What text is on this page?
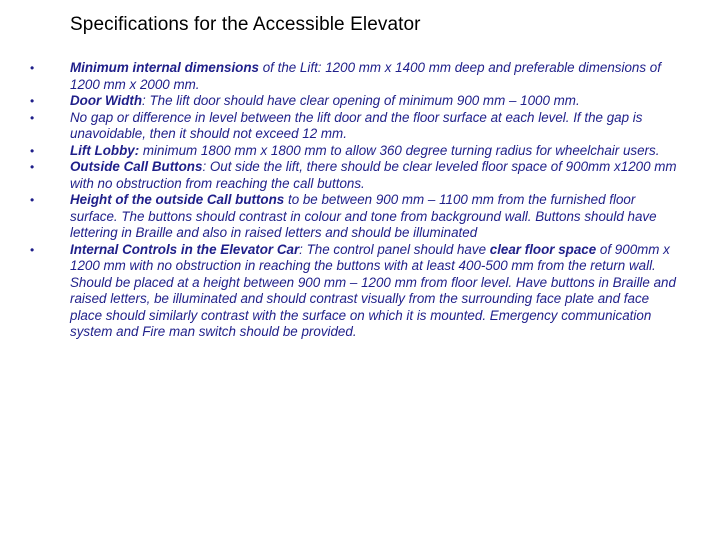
Specifications for the Accessible Elevator
•	Minimum internal dimensions of the Lift: 1200 mm x 1400 mm deep and preferable dimensions of 1200 mm x 2000 mm.
•	Door Width: The lift door should have clear opening of minimum 900 mm – 1000 mm.
•	No gap or difference in level between the lift door and the floor surface at each level. If the gap is unavoidable, then it should not exceed 12 mm.
•	Lift Lobby: minimum 1800 mm x 1800 mm to allow 360 degree turning radius for wheelchair users.
•	Outside Call Buttons: Out side the lift, there should be clear leveled floor space of 900mm x1200 mm with no obstruction from reaching the call buttons.
•	Height of the outside Call buttons to be between 900 mm – 1100 mm from the furnished floor surface. The buttons should contrast in colour and tone from background wall. Buttons should have lettering in Braille and also in raised letters and should be illuminated
•	Internal Controls in the Elevator Car: The control panel should have clear floor space of 900mm x 1200 mm with no obstruction in reaching the buttons with at least 400-500 mm from the return wall. Should be placed at a height between 900 mm – 1200 mm from floor level. Have buttons in Braille and raised letters, be illuminated and should contrast visually from the surrounding face plate and face place should similarly contrast with the surface on which it is mounted. Emergency communication system and Fire man switch should be provided.
